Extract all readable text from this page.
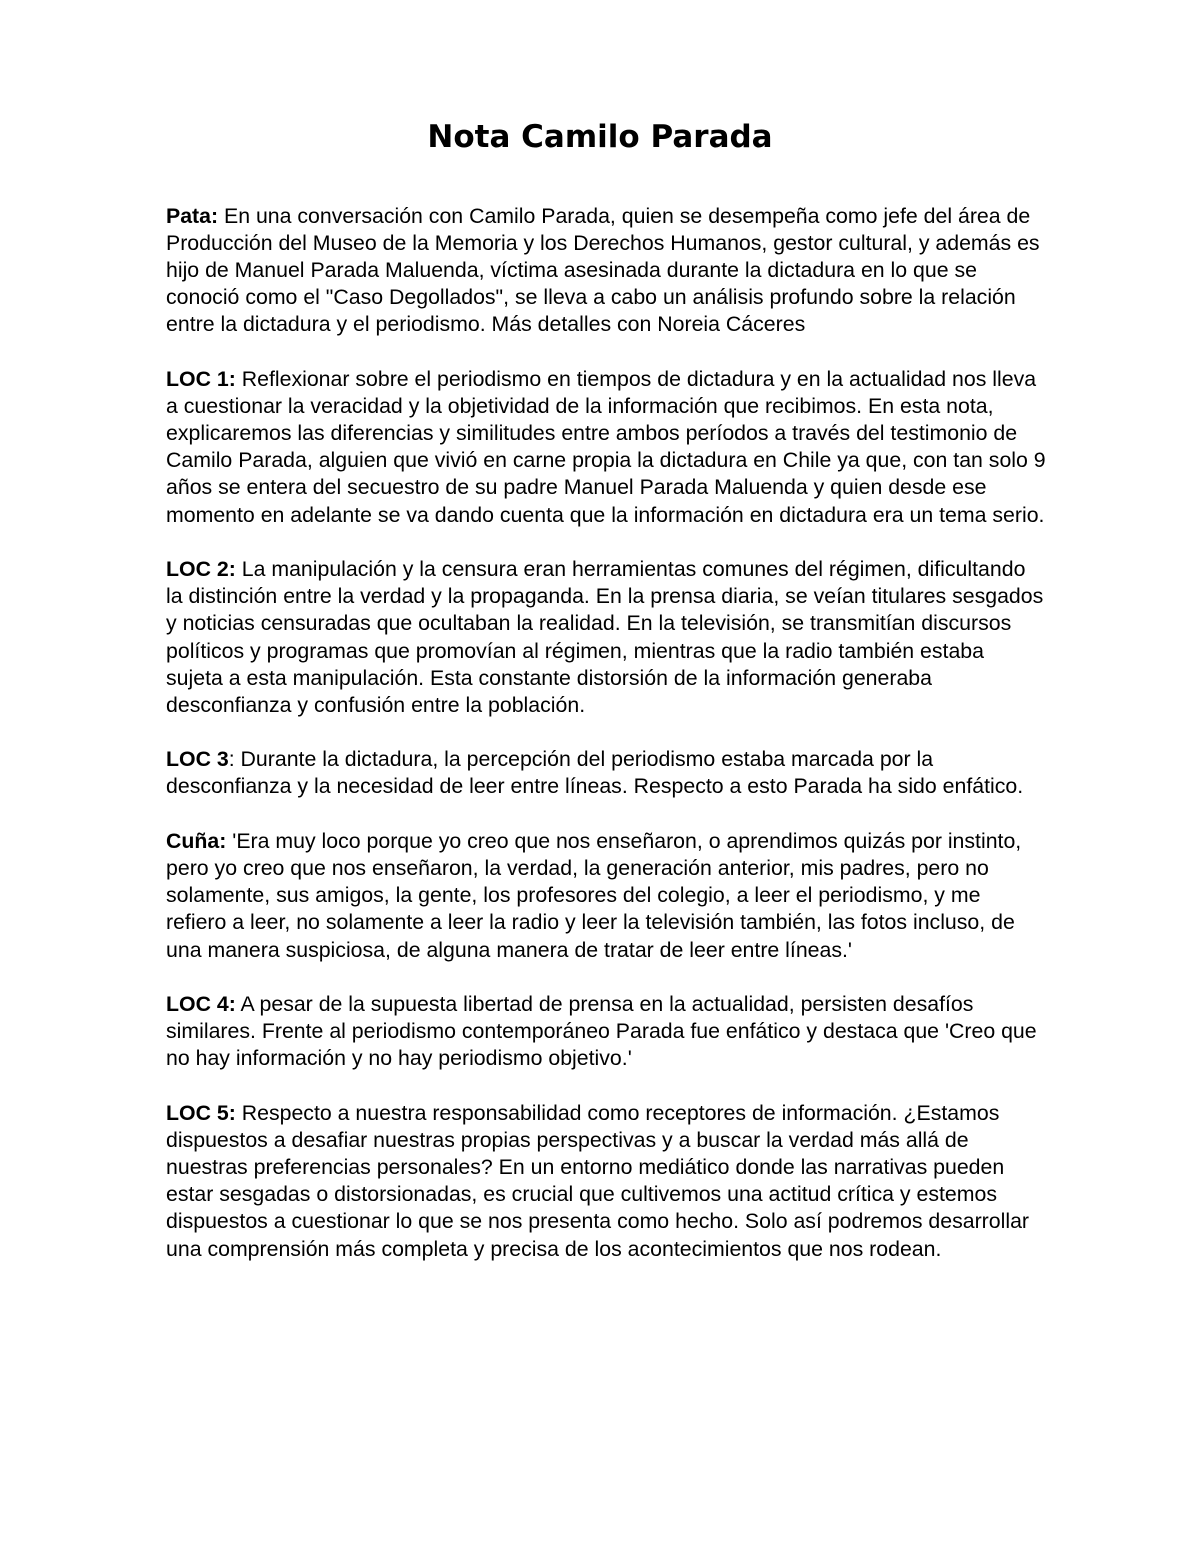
Nota Camilo Parada

Pata: En una conversación con Camilo Parada, quien se desempeña como jefe del área de Producción del Museo de la Memoria y los Derechos Humanos, gestor cultural, y además es hijo de Manuel Parada Maluenda, víctima asesinada durante la dictadura en lo que se conoció como el "Caso Degollados", se lleva a cabo un análisis profundo sobre la relación entre la dictadura y el periodismo. Más detalles con Noreia Cáceres

LOC 1: Reflexionar sobre el periodismo en tiempos de dictadura y en la actualidad nos lleva a cuestionar la veracidad y la objetividad de la información que recibimos. En esta nota, explicaremos las diferencias y similitudes entre ambos períodos a través del testimonio de Camilo Parada, alguien que vivió en carne propia la dictadura en Chile ya que, con tan solo 9 años se entera del secuestro de su padre Manuel Parada Maluenda y quien desde ese momento en adelante se va dando cuenta que la información en dictadura era un tema serio.

LOC 2: La manipulación y la censura eran herramientas comunes del régimen, dificultando la distinción entre la verdad y la propaganda. En la prensa diaria, se veían titulares sesgados y noticias censuradas que ocultaban la realidad. En la televisión, se transmitían discursos políticos y programas que promovían al régimen, mientras que la radio también estaba sujeta a esta manipulación. Esta constante distorsión de la información generaba desconfianza y confusión entre la población.

LOC 3: Durante la dictadura, la percepción del periodismo estaba marcada por la desconfianza y la necesidad de leer entre líneas. Respecto a esto Parada ha sido enfático.

Cuña: 'Era muy loco porque yo creo que nos enseñaron, o aprendimos quizás por instinto, pero yo creo que nos enseñaron, la verdad, la generación anterior, mis padres, pero no solamente, sus amigos, la gente, los profesores del colegio, a leer el periodismo, y me refiero a leer, no solamente a leer la radio y leer la televisión también, las fotos incluso, de una manera suspiciosa, de alguna manera de tratar de leer entre líneas.'

LOC 4: A pesar de la supuesta libertad de prensa en la actualidad, persisten desafíos similares. Frente al periodismo contemporáneo Parada fue enfático y destaca que 'Creo que no hay información y no hay periodismo objetivo.'

LOC 5: Respecto a nuestra responsabilidad como receptores de información. ¿Estamos dispuestos a desafiar nuestras propias perspectivas y a buscar la verdad más allá de nuestras preferencias personales? En un entorno mediático donde las narrativas pueden estar sesgadas o distorsionadas, es crucial que cultivemos una actitud crítica y estemos dispuestos a cuestionar lo que se nos presenta como hecho. Solo así podremos desarrollar una comprensión más completa y precisa de los acontecimientos que nos rodean.
